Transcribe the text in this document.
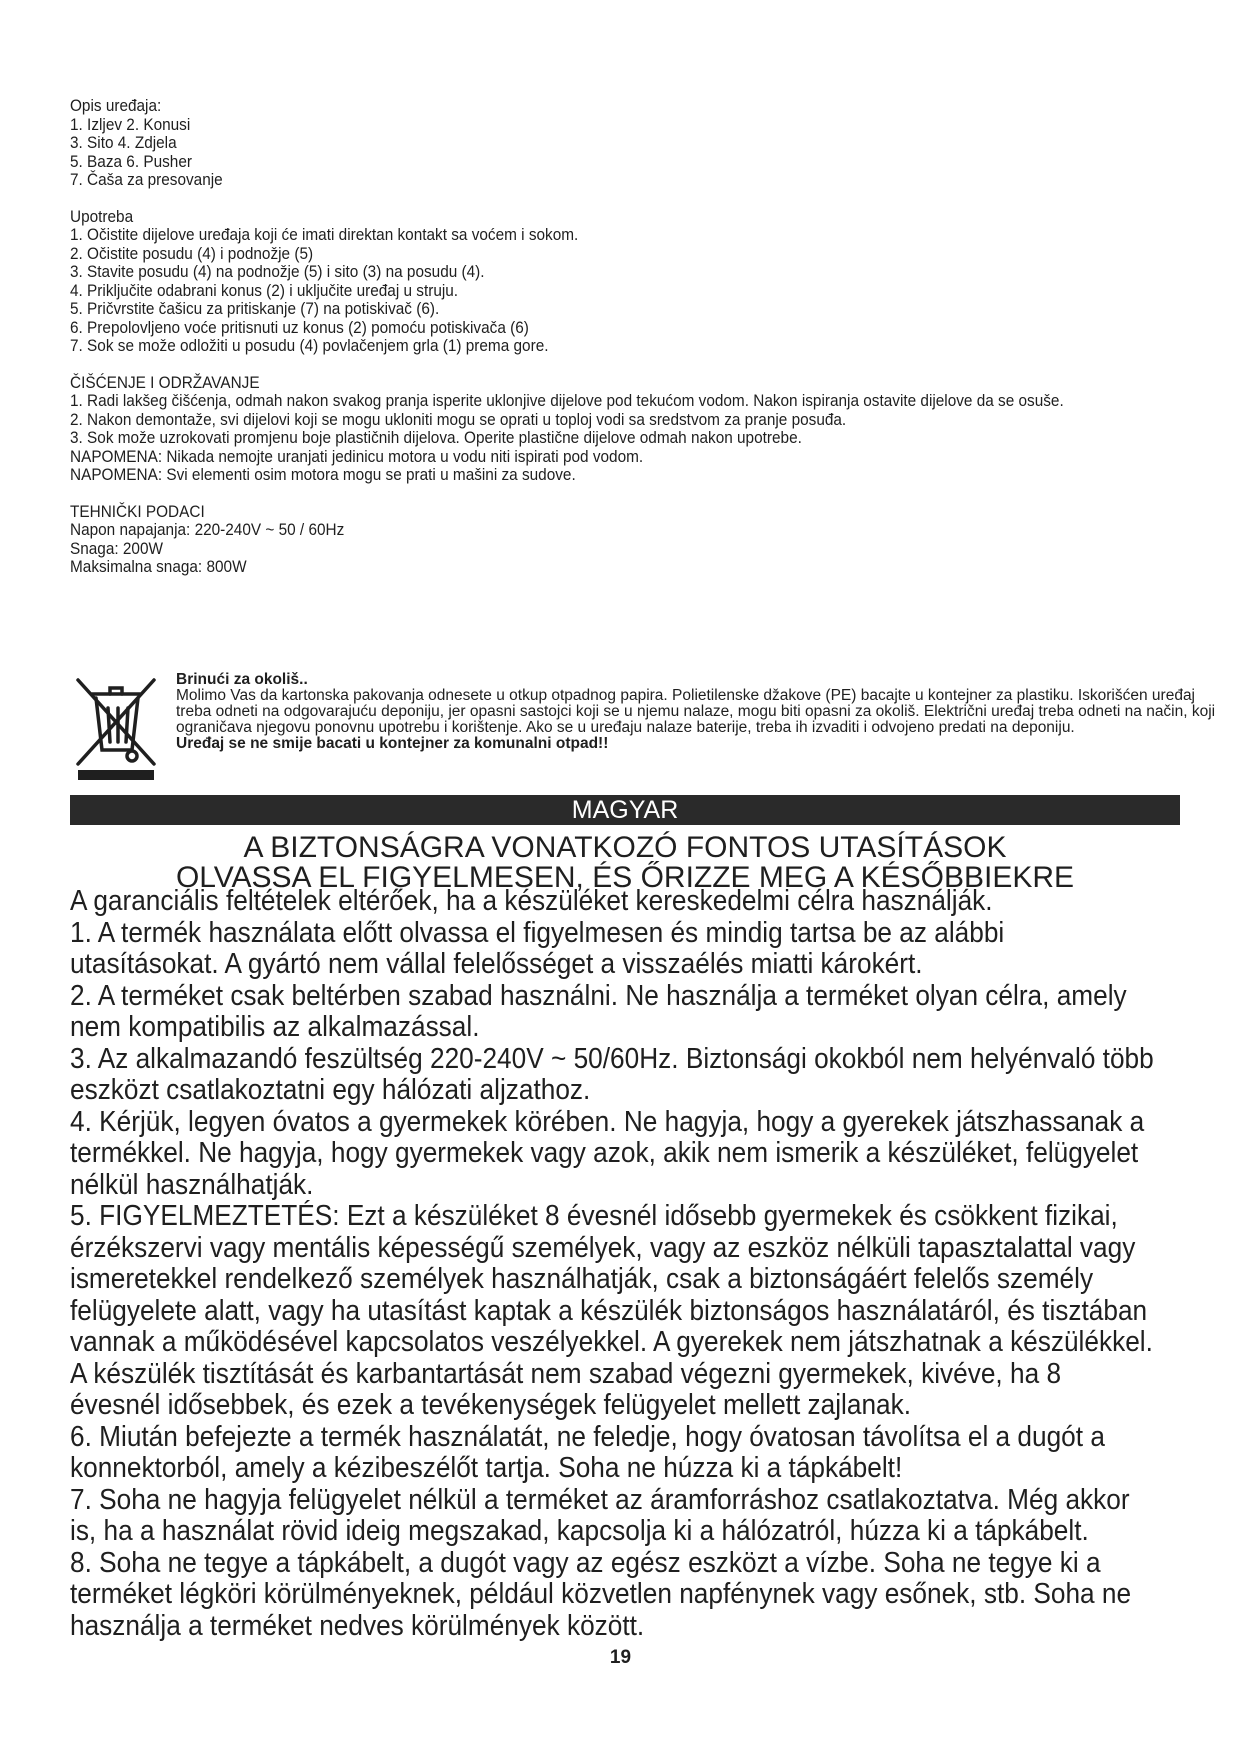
Opis uređaja:

1. Izljev 2. Konusi

3. Sito 4. Zdjela

5. Baza 6. Pusher

7. Čaša za presovanje

Upotreba

1. Očistite dijelove uređaja koji će imati direktan kontakt sa voćem i sokom.

2. Očistite posudu (4) i podnožje (5)

3. Stavite posudu (4) na podnožje (5) i sito (3) na posudu (4).

4. Priključite odabrani konus (2) i uključite uređaj u struju.

5. Pričvrstite čašicu za pritiskanje (7) na potiskivač (6).

6. Prepolovljeno voće pritisnuti uz konus (2) pomoću potiskivača (6)

7. Sok se može odložiti u posudu (4) povlačenjem grla (1) prema gore.

ČIŠĆENJE I ODRŽAVANJE

1. Radi lakšeg čišćenja, odmah nakon svakog pranja isperite uklonjive dijelove pod tekućom vodom. Nakon ispiranja ostavite dijelove da se osuše.

2. Nakon demontaže, svi dijelovi koji se mogu ukloniti mogu se oprati u toploj vodi sa sredstvom za pranje posuđa.

3. Sok može uzrokovati promjenu boje plastičnih dijelova. Operite plastične dijelove odmah nakon upotrebe.

NAPOMENA: Nikada nemojte uranjati jedinicu motora u vodu niti ispirati pod vodom.

NAPOMENA: Svi elementi osim motora mogu se prati u mašini za sudove.

TEHNIČKI PODACI

Napon napajanja: 220-240V ~ 50 / 60Hz

Snaga: 200W

Maksimalna snaga: 800W

Brinući za okoliš..

Molimo Vas da kartonska pakovanja odnesete u otkup otpadnog papira. Polietilenske džakove (PE) bacajte u kontejner za plastiku. Iskorišćen uređaj treba odneti na odgovarajuću deponiju, jer opasni sastojci koji se u njemu nalaze, mogu biti opasni za okoliš. Električni uređaj treba odneti na način, koji ograničava njegovu ponovnu upotrebu i korištenje. Ako se u uređaju nalaze baterije, treba ih izvaditi i odvojeno predati na deponiju.

Uređaj se ne smije bacati u kontejner za komunalni otpad!!

MAGYAR
A BIZTONSÁGRA VONATKOZÓ FONTOS UTASÍTÁSOK
OLVASSA EL FIGYELMESEN, ÉS ŐRIZZE MEG A KÉSŐBBIEKRE

A garanciális feltételek eltérőek, ha a készüléket kereskedelmi célra használják.

1. A termék használata előtt olvassa el figyelmesen és mindig tartsa be az alábbi utasításokat. A gyártó nem vállal felelősséget a visszaélés miatti károkért.

2. A terméket csak beltérben szabad használni. Ne használja a terméket olyan célra, amely nem kompatibilis az alkalmazással.

3. Az alkalmazandó feszültség 220-240V ~ 50/60Hz. Biztonsági okokból nem helyénvaló több eszközt csatlakoztatni egy hálózati aljzathoz.

4. Kérjük, legyen óvatos a gyermekek körében. Ne hagyja, hogy a gyerekek játszhassanak a termékkel. Ne hagyja, hogy gyermekek vagy azok, akik nem ismerik a készüléket, felügyelet nélkül használhatják.

5. FIGYELMEZTETÉS: Ezt a készüléket 8 évesnél idősebb gyermekek és csökkent fizikai, érzékszervi vagy mentális képességű személyek, vagy az eszköz nélküli tapasztalattal vagy ismeretekkel rendelkező személyek használhatják, csak a biztonságáért felelős személy felügyelete alatt, vagy ha utasítást kaptak a készülék biztonságos használatáról, és tisztában vannak a működésével kapcsolatos veszélyekkel. A gyerekek nem játszhatnak a készülékkel. A készülék tisztítását és karbantartását nem szabad végezni gyermekek, kivéve, ha 8 évesnél idősebbek, és ezek a tevékenységek felügyelet mellett zajlanak.

6. Miután befejezte a termék használatát, ne feledje, hogy óvatosan távolítsa el a dugót a konnektorból, amely a kézibeszélőt tartja. Soha ne húzza ki a tápkábelt!

7. Soha ne hagyja felügyelet nélkül a terméket az áramforráshoz csatlakoztatva. Még akkor is, ha a használat rövid ideig megszakad, kapcsolja ki a hálózatról, húzza ki a tápkábelt.

8. Soha ne tegye a tápkábelt, a dugót vagy az egész eszközt a vízbe. Soha ne tegye ki a terméket légköri körülményeknek, például közvetlen napfénynek vagy esőnek, stb. Soha ne használja a terméket nedves körülmények között.

19
